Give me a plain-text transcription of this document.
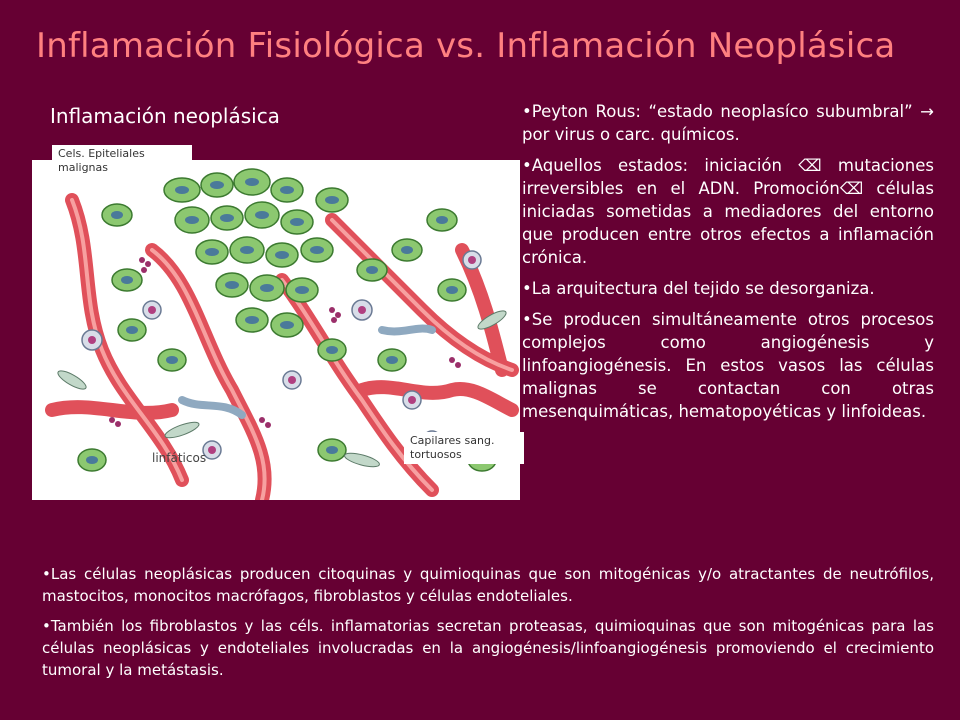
Inflamación Fisiológica vs. Inflamación Neoplásica
Inflamación neoplásica
Cels. Epiteliales malignas
linfáticos
Capilares sang. tortuosos

•Peyton Rous: “estado neoplasíco subumbral” → por virus o carc. químicos.

•Aquellos estados: iniciación ⌫ mutaciones irreversibles en el ADN. Promoción⌫ células iniciadas sometidas a mediadores del entorno que producen entre otros efectos a inflamación crónica.

•La arquitectura del tejido se desorganiza.

•Se producen simultáneamente otros procesos complejos como angiogénesis y linfoangiogénesis. En estos vasos las células malignas se contactan con otras mesenquimáticas, hematopoyéticas y linfoideas.

•Las células neoplásicas producen citoquinas y quimioquinas que son mitogénicas y/o atractantes de neutrófilos, mastocitos, monocitos macrófagos, fibroblastos y células endoteliales.

•También los fibroblastos y las céls. inflamatorias secretan proteasas, quimioquinas que son mitogénicas para las células neoplásicas y endoteliales involucradas en la angiogénesis/linfoangiogénesis promoviendo el crecimiento tumoral y la metástasis.
